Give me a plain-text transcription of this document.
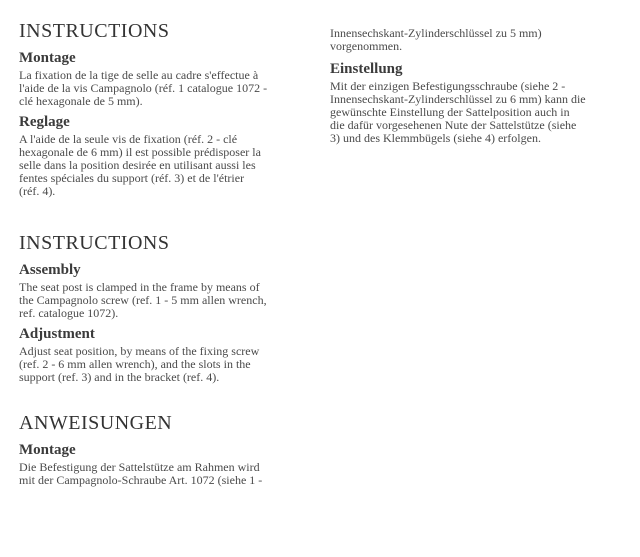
INSTRUCTIONS
Montage

La fixation de la tige de selle au cadre s'effectue à
l'aide de la vis Campagnolo (réf. 1 catalogue 1072 -
clé hexagonale de 5 mm).

Reglage

A l'aide de la seule vis de fixation (réf. 2 - clé
hexagonale de 6 mm) il est possible prédisposer la
selle dans la position desirée en utilisant aussi les
fentes spéciales du support (réf. 3) et de l'étrier
(réf. 4).

INSTRUCTIONS
Assembly

The seat post is clamped in the frame by means of
the Campagnolo screw (ref. 1 - 5 mm allen wrench,
ref. catalogue 1072).

Adjustment

Adjust seat position, by means of the fixing screw
(ref. 2 - 6 mm allen wrench), and the slots in the
support (ref. 3) and in the bracket (ref. 4).

ANWEISUNGEN
Montage

Die Befestigung der Sattelstütze am Rahmen wird
mit der Campagnolo-Schraube Art. 1072 (siehe 1 -

Innensechskant-Zylinderschlüssel zu 5 mm)
vorgenommen.

Einstellung

Mit der einzigen Befestigungsschraube (siehe 2 -
Innensechskant-Zylinderschlüssel zu 6 mm) kann die
gewünschte Einstellung der Sattelposition auch in
die dafür vorgesehenen Nute der Sattelstütze (siehe
3) und des Klemmbügels (siehe 4) erfolgen.
